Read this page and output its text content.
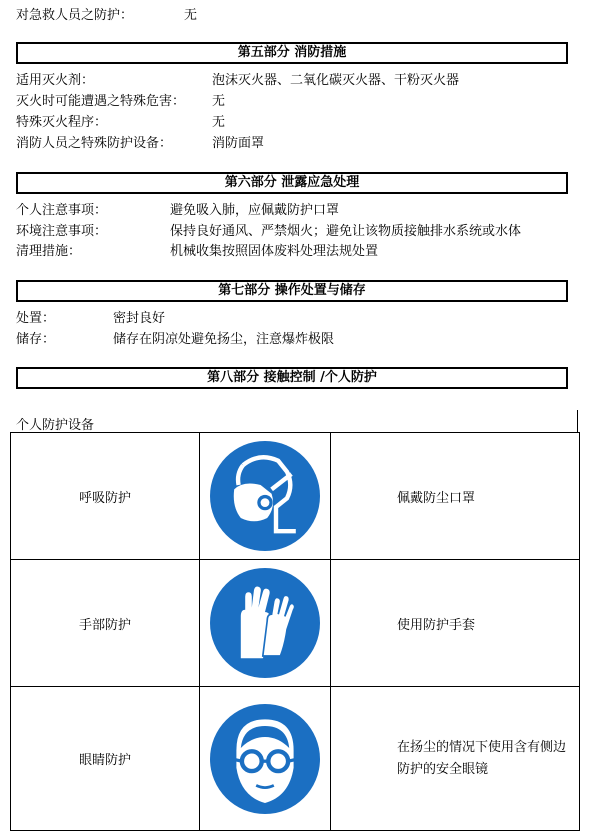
对急救人员之防护：	无
第五部分 消防措施
适用灭火剂：	泡沫灭火器、二氧化碳灭火器、干粉灭火器
灭火时可能遭遇之特殊危害： 无
特殊灭火程序：	无
消防人员之特殊防护设备：	消防面罩
第六部分 泄露应急处理
个人注意事项：	避免吸入肺，应佩戴防护口罩
环境注意事项：	保持良好通风、严禁烟火；避免让该物质接触排水系统或水体
清理措施：	机械收集按照固体废料处理法规处置
第七部分 操作处置与储存
处置：	密封良好
储存：	储存在阴凉处避免扬尘，注意爆炸极限
第八部分 接触控制 /个人防护
个人防护设备
呼吸防护		佩戴防尘口罩

手部防护		使用防护手套

眼睛防护		在扬尘的情况下使用含有侧边防护的安全眼镜
